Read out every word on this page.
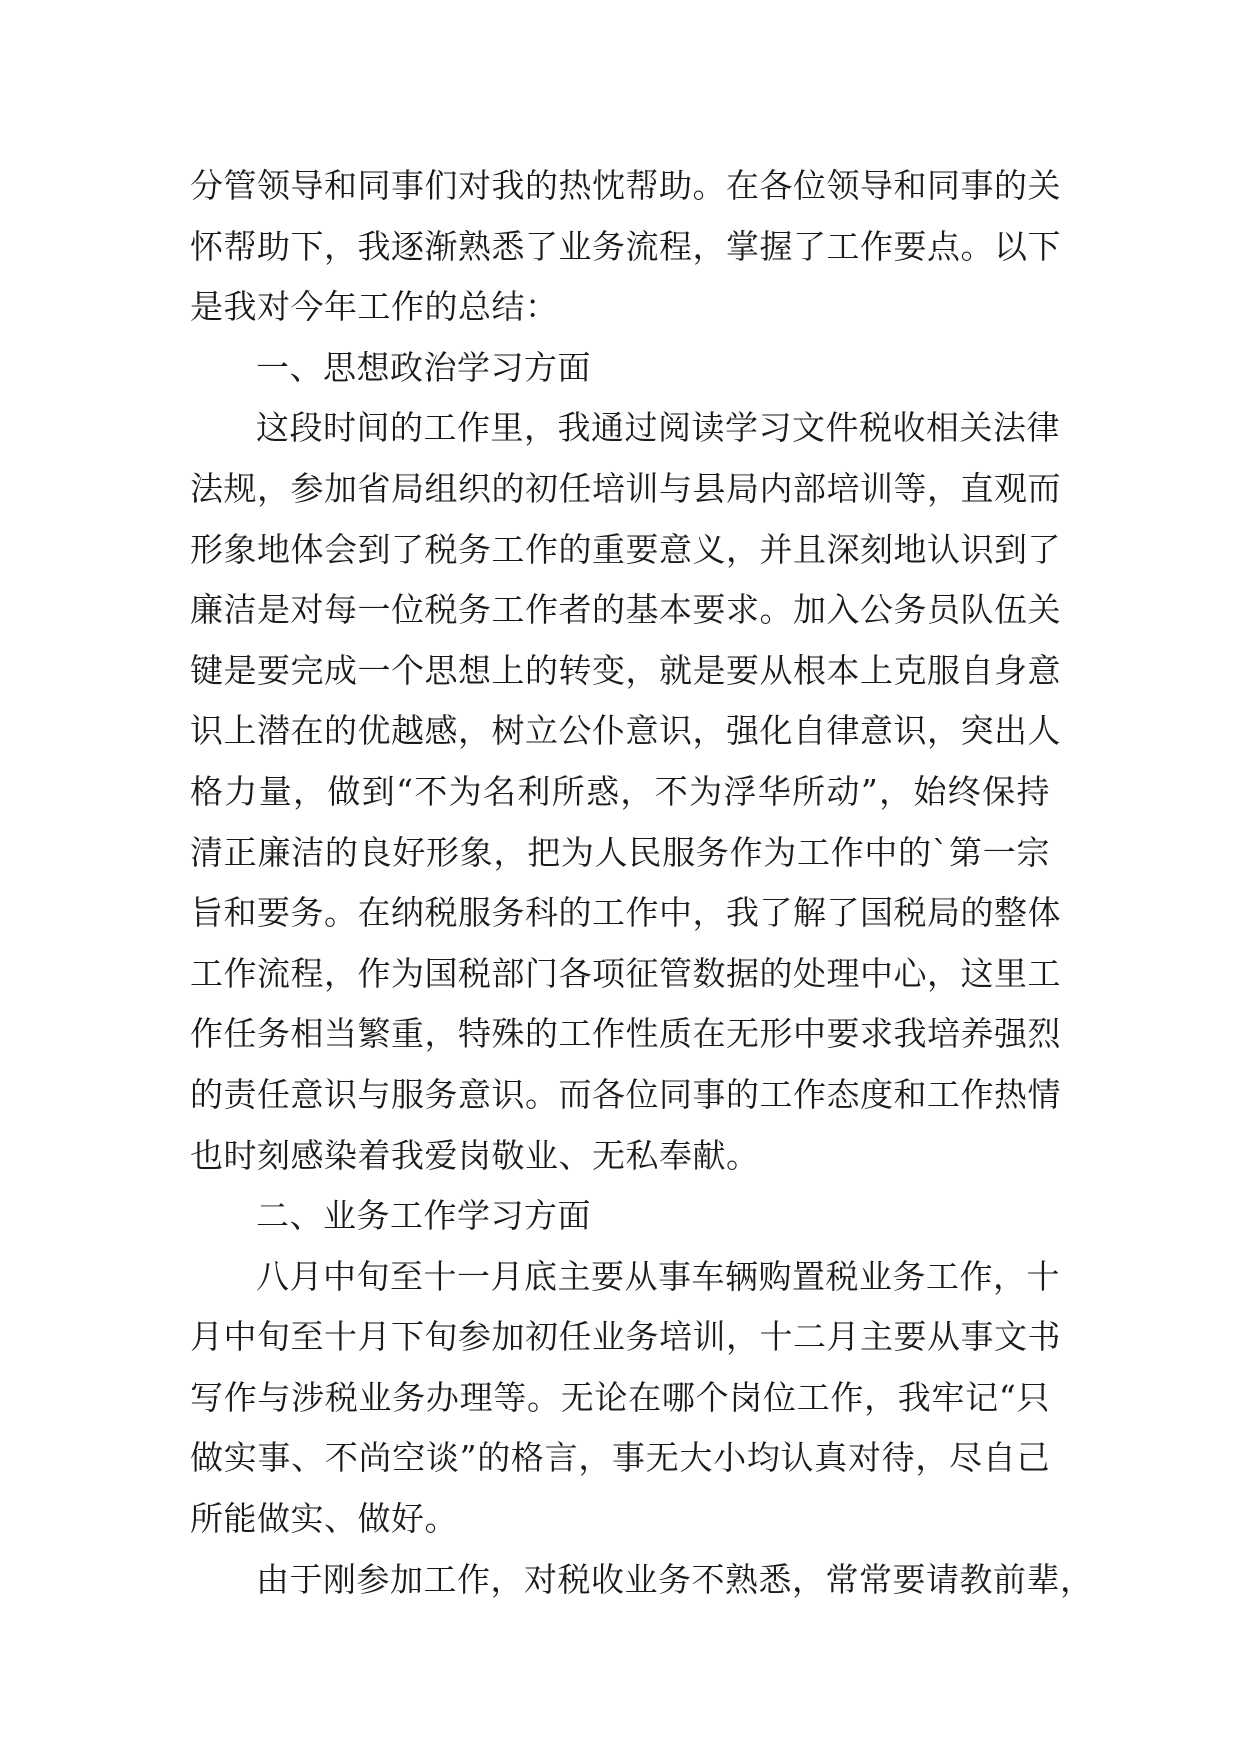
分管领导和同事们对我的热忱帮助。在各位领导和同事的关
怀帮助下，我逐渐熟悉了业务流程，掌握了工作要点。以下
是我对今年工作的总结：
一、思想政治学习方面
这段时间的工作里，我通过阅读学习文件税收相关法律
法规，参加省局组织的初任培训与县局内部培训等，直观而
形象地体会到了税务工作的重要意义，并且深刻地认识到了
廉洁是对每一位税务工作者的基本要求。加入公务员队伍关
键是要完成一个思想上的转变，就是要从根本上克服自身意
识上潜在的优越感，树立公仆意识，强化自律意识，突出人
格力量，做到“不为名利所惑，不为浮华所动”，始终保持
清正廉洁的良好形象，把为人民服务作为工作中的`第一宗
旨和要务。在纳税服务科的工作中，我了解了国税局的整体
工作流程，作为国税部门各项征管数据的处理中心，这里工
作任务相当繁重，特殊的工作性质在无形中要求我培养强烈
的责任意识与服务意识。而各位同事的工作态度和工作热情
也时刻感染着我爱岗敬业、无私奉献。
二、业务工作学习方面
八月中旬至十一月底主要从事车辆购置税业务工作，十
月中旬至十月下旬参加初任业务培训，十二月主要从事文书
写作与涉税业务办理等。无论在哪个岗位工作，我牢记“只
做实事、不尚空谈”的格言，事无大小均认真对待，尽自己
所能做实、做好。
由于刚参加工作，对税收业务不熟悉，常常要请教前辈，
